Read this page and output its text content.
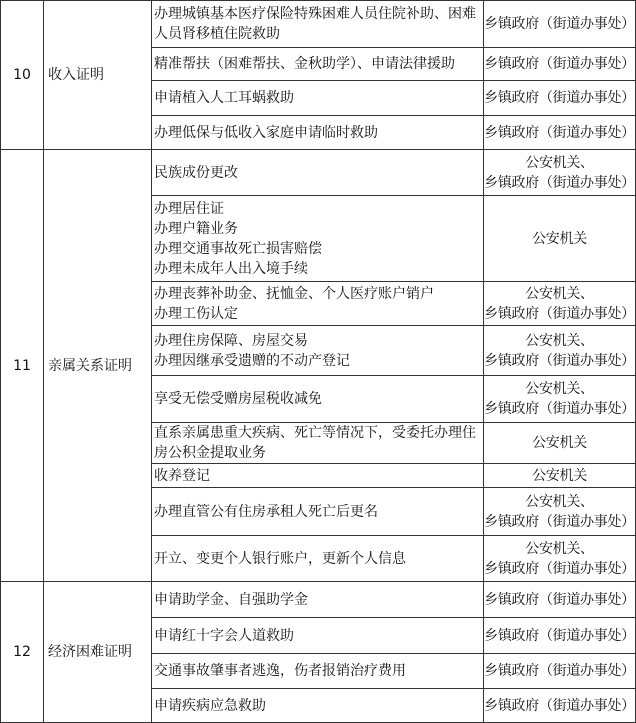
10	收入证明	办理城镇基本医疗保险特殊困难人员住院补助、困难人员肾移植住院救助	乡镇政府（街道办事处）

		精准帮扶（困难帮扶、金秋助学）、申请法律援助	乡镇政府（街道办事处）

		申请植入人工耳蜗救助	乡镇政府（街道办事处）

		办理低保与低收入家庭申请临时救助	乡镇政府（街道办事处）

11	亲属关系证明	民族成份更改	公安机关、
乡镇政府（街道办事处）

		办理居住证
办理户籍业务
办理交通事故死亡损害赔偿
办理未成年人出入境手续	公安机关

		办理丧葬补助金、抚恤金、个人医疗账户销户
办理工伤认定	公安机关、
乡镇政府（街道办事处）

		办理住房保障、房屋交易
办理因继承受遗赠的不动产登记	公安机关、
乡镇政府（街道办事处）

		享受无偿受赠房屋税收减免	公安机关、
乡镇政府（街道办事处）

		直系亲属患重大疾病、死亡等情况下，受委托办理住房公积金提取业务	公安机关

		收养登记	公安机关

		办理直管公有住房承租人死亡后更名	公安机关、
乡镇政府（街道办事处）

		开立、变更个人银行账户，更新个人信息	公安机关、
乡镇政府（街道办事处）

12	经济困难证明	申请助学金、自强助学金	乡镇政府（街道办事处）

		申请红十字会人道救助	乡镇政府（街道办事处）

		交通事故肇事者逃逸，伤者报销治疗费用	乡镇政府（街道办事处）

		申请疾病应急救助	乡镇政府（街道办事处）
